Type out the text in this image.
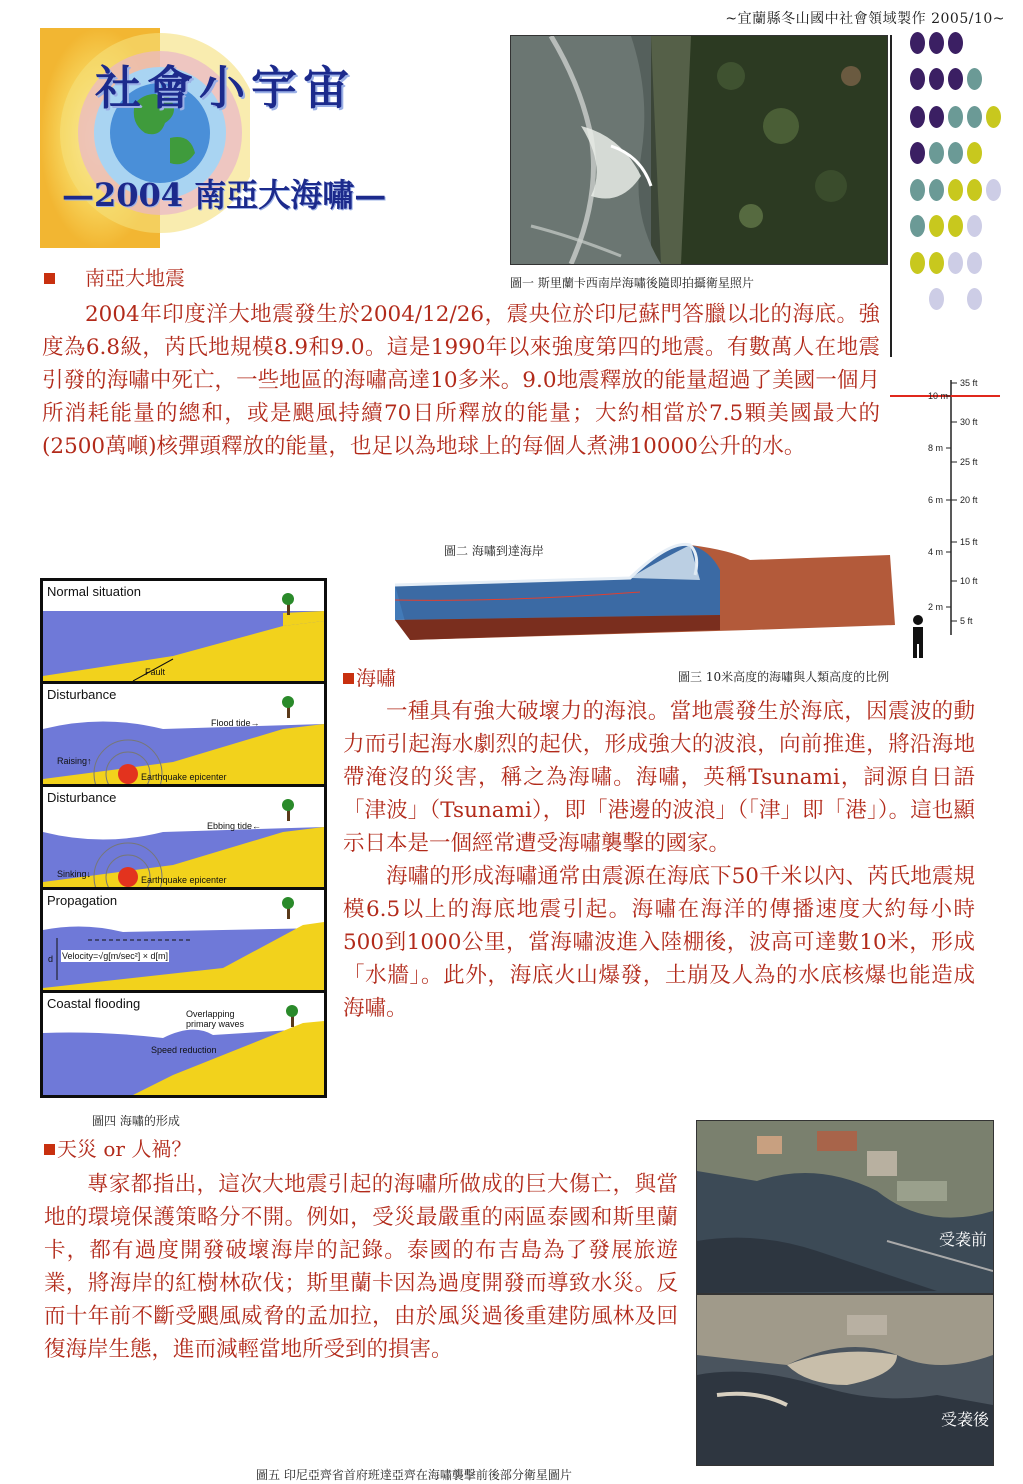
~宜蘭縣冬山國中社會領域製作 2005/10~
社會小宇宙
—2004 南亞大海嘯—
圖一 斯里蘭卡西南岸海嘯後隨即拍攝衛星照片
南亞大地震

2004年印度洋大地震發生於2004/12/26，震央位於印尼蘇門答臘以北的海底。強度為6.8級，芮氏地規模8.9和9.0。這是1990年以來強度第四的地震。有數萬人在地震引發的海嘯中死亡，一些地區的海嘯高達10多米。9.0地震釋放的能量超過了美國一個月所消耗能量的總和，或是颶風持續70日所釋放的能量；大約相當於7.5顆美國最大的(2500萬噸)核彈頭釋放的能量，也足以為地球上的每個人煮沸10000公升的水。

圖二 海嘯到達海岸
10 m
8 m
6 m
4 m
2 m
35 ft
30 ft
25 ft
20 ft
15 ft
10 ft
5 ft
圖三 10米高度的海嘯與人類高度的比例
Normal situation
Fault
Disturbance
Flood tide→
Raising↑
Earthquake epicenter
Disturbance
Ebbing tide←
Sinking↓
Earthquake epicenter
Propagation
Velocity=√g[m/sec²] × d[m]
d
Coastal flooding
Overlapping primary waves
Speed reduction
圖四 海嘯的形成
海嘯

一種具有強大破壞力的海浪。當地震發生於海底，因震波的動力而引起海水劇烈的起伏，形成強大的波浪，向前推進，將沿海地帶淹沒的災害，稱之為海嘯。海嘯，英稱Tsunami，詞源自日語「津波」（Tsunami），即「港邊的波浪」（「津」即「港」）。這也顯示日本是一個經常遭受海嘯襲擊的國家。

海嘯的形成海嘯通常由震源在海底下50千米以內、芮氏地震規模6.5以上的海底地震引起。海嘯在海洋的傳播速度大約每小時500到1000公里，當海嘯波進入陸棚後，波高可達數10米，形成「水牆」。此外，海底火山爆發，土崩及人為的水底核爆也能造成海嘯。

天災 or 人禍？

專家都指出，這次大地震引起的海嘯所做成的巨大傷亡，與當地的環境保護策略分不開。例如，受災最嚴重的兩區泰國和斯里蘭卡，都有過度開發破壞海岸的記錄。泰國的布吉島為了發展旅遊業，將海岸的紅樹林砍伐；斯里蘭卡因為過度開發而導致水災。反而十年前不斷受颶風威脅的孟加拉，由於風災過後重建防風林及回復海岸生態，進而減輕當地所受到的損害。

受袭前
受袭後
圖五 印尼亞齊省首府班達亞齊在海嘯襲擊前後部分衛星圖片
